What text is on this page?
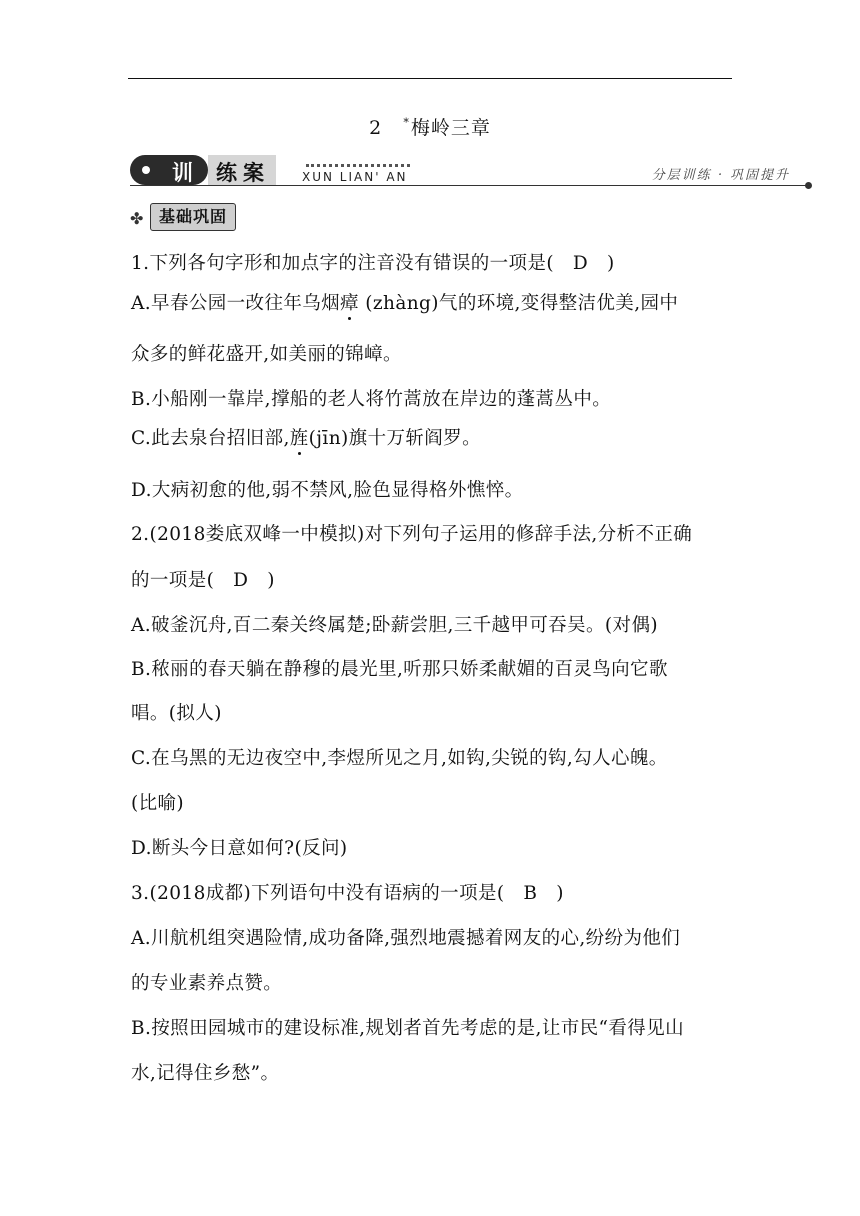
2 *梅岭三章
训 练案	XUN LIAN' AN	分层训练 · 巩固提升
✤ 基础巩固
1.下列各句字形和加点字的注音没有错误的一项是(　D　)
A.早春公园一改往年乌烟瘴 (zhàng)气的环境,变得整洁优美,园中
众多的鲜花盛开,如美丽的锦嶂。
B.小船刚一靠岸,撑船的老人将竹蒿放在岸边的蓬蒿丛中。
C.此去泉台招旧部,旌(jīn)旗十万斩阎罗。
D.大病初愈的他,弱不禁风,脸色显得格外憔悴。
2.(2018娄底双峰一中模拟)对下列句子运用的修辞手法,分析不正确
的一项是(　D　)
A.破釜沉舟,百二秦关终属楚;卧薪尝胆,三千越甲可吞吴。(对偶)
B.秾丽的春天躺在静穆的晨光里,听那只娇柔献媚的百灵鸟向它歌
唱。(拟人)
C.在乌黑的无边夜空中,李煜所见之月,如钩,尖锐的钩,勾人心魄。
(比喻)
D.断头今日意如何?(反问)
3.(2018成都)下列语句中没有语病的一项是(　B　)
A.川航机组突遇险情,成功备降,强烈地震撼着网友的心,纷纷为他们
的专业素养点赞。
B.按照田园城市的建设标准,规划者首先考虑的是,让市民“看得见山
水,记得住乡愁”。
